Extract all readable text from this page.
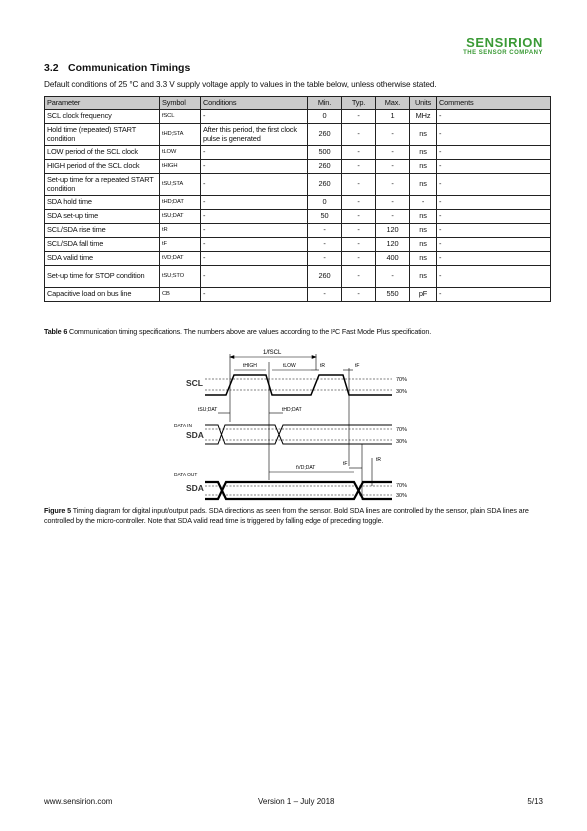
SENSIRION
THE SENSOR COMPANY
3.2 Communication Timings
Default conditions of 25 °C and 3.3 V supply voltage apply to values in the table below, unless otherwise stated.
Parameter	Symbol	Conditions	Min.	Typ.	Max.	Units	Comments
SCL clock frequency	fSCL	-	0	-	1	MHz	-
Hold time (repeated) START condition	tHD;STA	After this period, the first clock pulse is generated	260	-	-	ns	-
LOW period of the SCL clock	tLOW	-	500	-	-	ns	-
HIGH period of the SCL clock	tHIGH	-	260	-	-	ns	-
Set-up time for a repeated START condition	tSU;STA	-	260	-	-	ns	-
SDA hold time	tHD;DAT	-	0	-	-	-	-
SDA set-up time	tSU;DAT	-	50	-	-	ns	-
SCL/SDA rise time	tR	-	-	-	120	ns	-
SCL/SDA fall time	tF	-	-	-	120	ns	-
SDA valid time	tVD;DAT	-	-	-	400	ns	-
Set-up time for STOP condition	tSU;STO	-	260	-	-	ns	-
Capacitive load on bus line	CB	-	-	-	550	pF	-
Table 6 Communication timing specifications. The numbers above are values according to the I²C Fast Mode Plus specification.
1/fSCL
tHIGH	tLOW	tR	tF
tSU;DAT	tHD;DAT
tVD;DAT
tF
tR
SCL
DATA IN
SDA
DATA OUT
SDA
70%
30%
70%
30%
70%
30%
Figure 5 Timing diagram for digital input/output pads. SDA directions as seen from the sensor. Bold SDA lines are controlled by the sensor, plain SDA lines are controlled by the micro-controller. Note that SDA valid read time is triggered by falling edge of preceding toggle.
www.sensirion.com	Version 1 – July 2018	5/13
